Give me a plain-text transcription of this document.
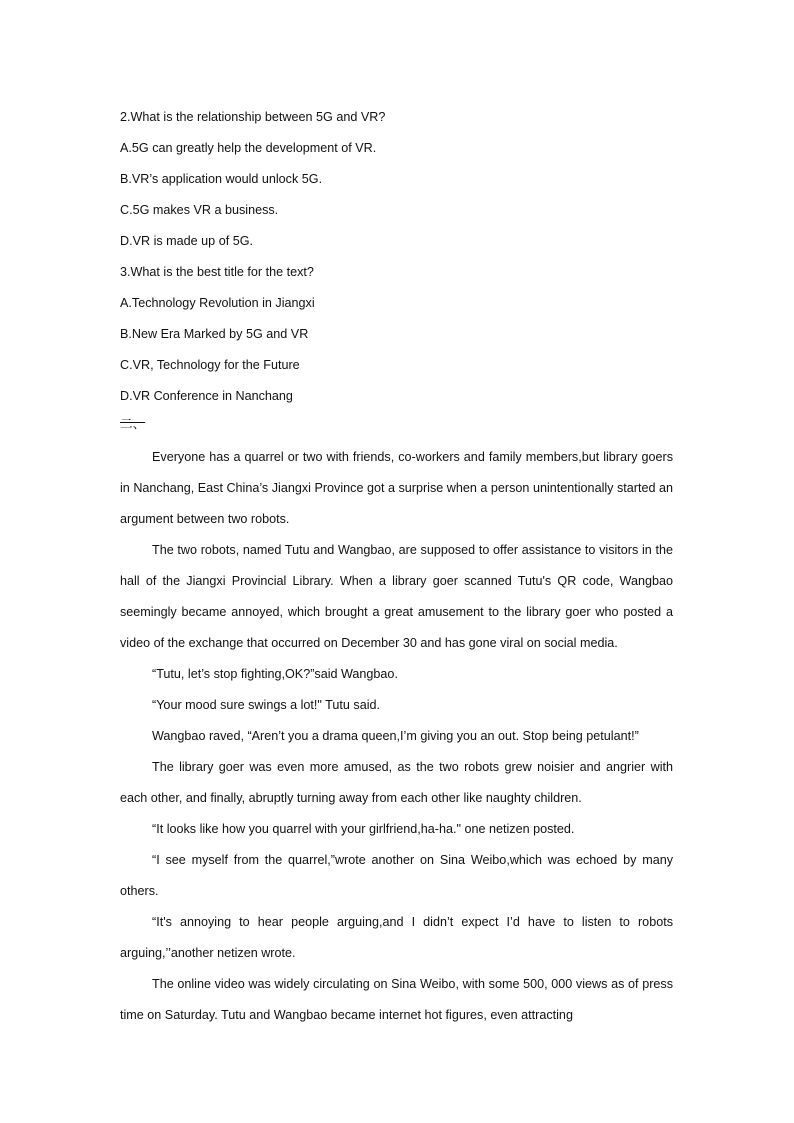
2.What is the relationship between 5G and VR?
A.5G can greatly help the development of VR.
B.VR’s application would unlock 5G.
C.5G makes VR a business.
D.VR is made up of 5G.
3.What is the best title for the text?
A.Technology Revolution in Jiangxi
B.New Era Marked by 5G and VR
C.VR, Technology for the Future
D.VR Conference in Nanchang
二、

Everyone has a quarrel or two with friends, co-workers and family members,but library goers in Nanchang, East China’s Jiangxi Province got a surprise when a person unintentionally started an argument between two robots.

The two robots, named Tutu and Wangbao, are supposed to offer assistance to visitors in the hall of the Jiangxi Provincial Library. When a library goer scanned Tutu's QR code, Wangbao seemingly became annoyed, which brought a great amusement to the library goer who posted a video of the exchange that occurred on December 30 and has gone viral on social media.

“Tutu, let’s stop fighting,OK?”said Wangbao.

“Your mood sure swings a lot!" Tutu said.

Wangbao raved, “Aren’t you a drama queen,I’m giving you an out. Stop being petulant!”

The library goer was even more amused, as the two robots grew noisier and angrier with each other, and finally, abruptly turning away from each other like naughty children.

“It looks like how you quarrel with your girlfriend,ha-ha." one netizen posted.

“I see myself from the quarrel,”wrote another on Sina Weibo,which was echoed by many others.

“It's annoying to hear people arguing,and I didn’t expect I’d have to listen to robots arguing,’’another netizen wrote.

The online video was widely circulating on Sina Weibo, with some 500, 000 views as of press time on Saturday. Tutu and Wangbao became internet hot figures, even attracting
